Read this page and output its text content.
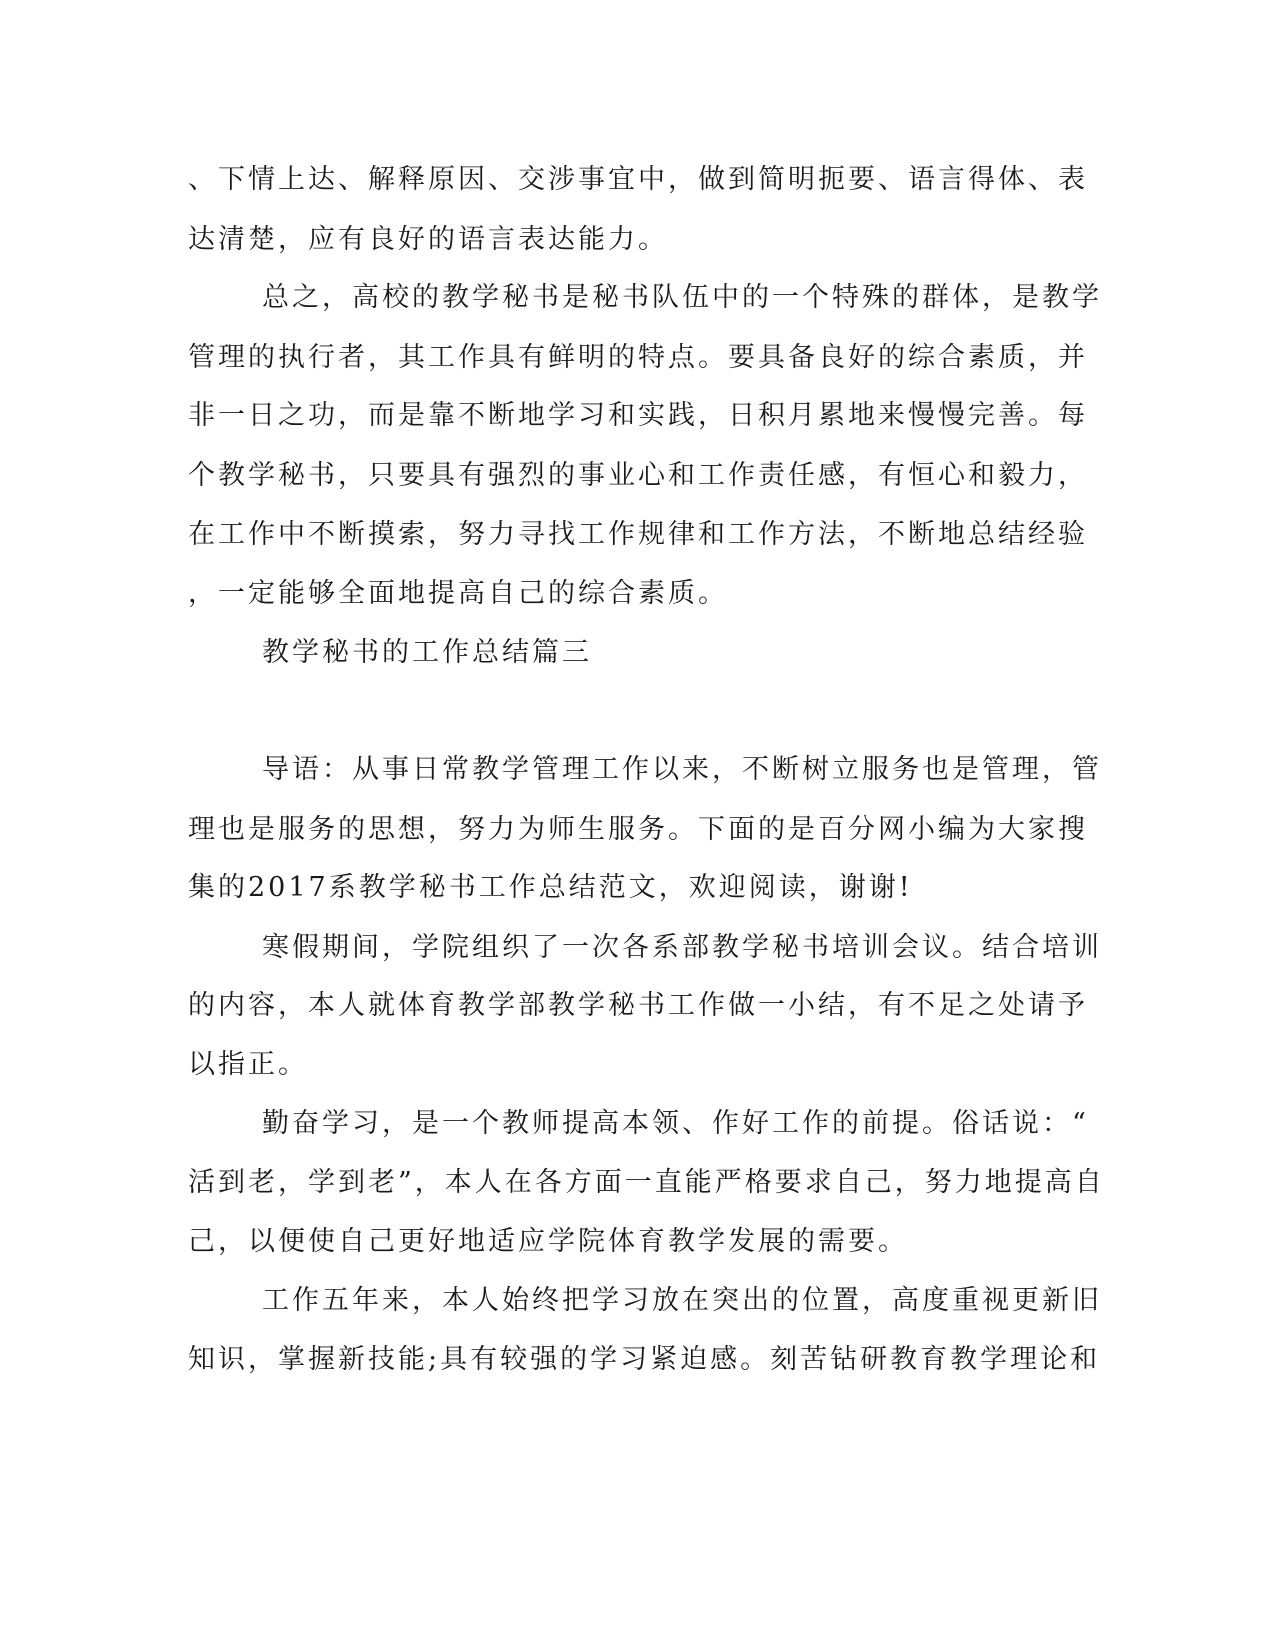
、下情上达、解释原因、交涉事宜中，做到简明扼要、语言得体、表
达清楚，应有良好的语言表达能力。
总之，高校的教学秘书是秘书队伍中的一个特殊的群体，是教学
管理的执行者，其工作具有鲜明的特点。要具备良好的综合素质，并
非一日之功，而是靠不断地学习和实践，日积月累地来慢慢完善。每
个教学秘书，只要具有强烈的事业心和工作责任感，有恒心和毅力，
在工作中不断摸索，努力寻找工作规律和工作方法，不断地总结经验
，一定能够全面地提高自己的综合素质。
教学秘书的工作总结篇三
导语：从事日常教学管理工作以来，不断树立服务也是管理，管
理也是服务的思想，努力为师生服务。下面的是百分网小编为大家搜
集的2017系教学秘书工作总结范文，欢迎阅读，谢谢!
寒假期间，学院组织了一次各系部教学秘书培训会议。结合培训
的内容，本人就体育教学部教学秘书工作做一小结，有不足之处请予
以指正。
勤奋学习，是一个教师提高本领、作好工作的前提。俗话说：“
活到老，学到老”，本人在各方面一直能严格要求自己，努力地提高自
己，以便使自己更好地适应学院体育教学发展的需要。
工作五年来，本人始终把学习放在突出的位置，高度重视更新旧
知识，掌握新技能;具有较强的学习紧迫感。刻苦钻研教育教学理论和
